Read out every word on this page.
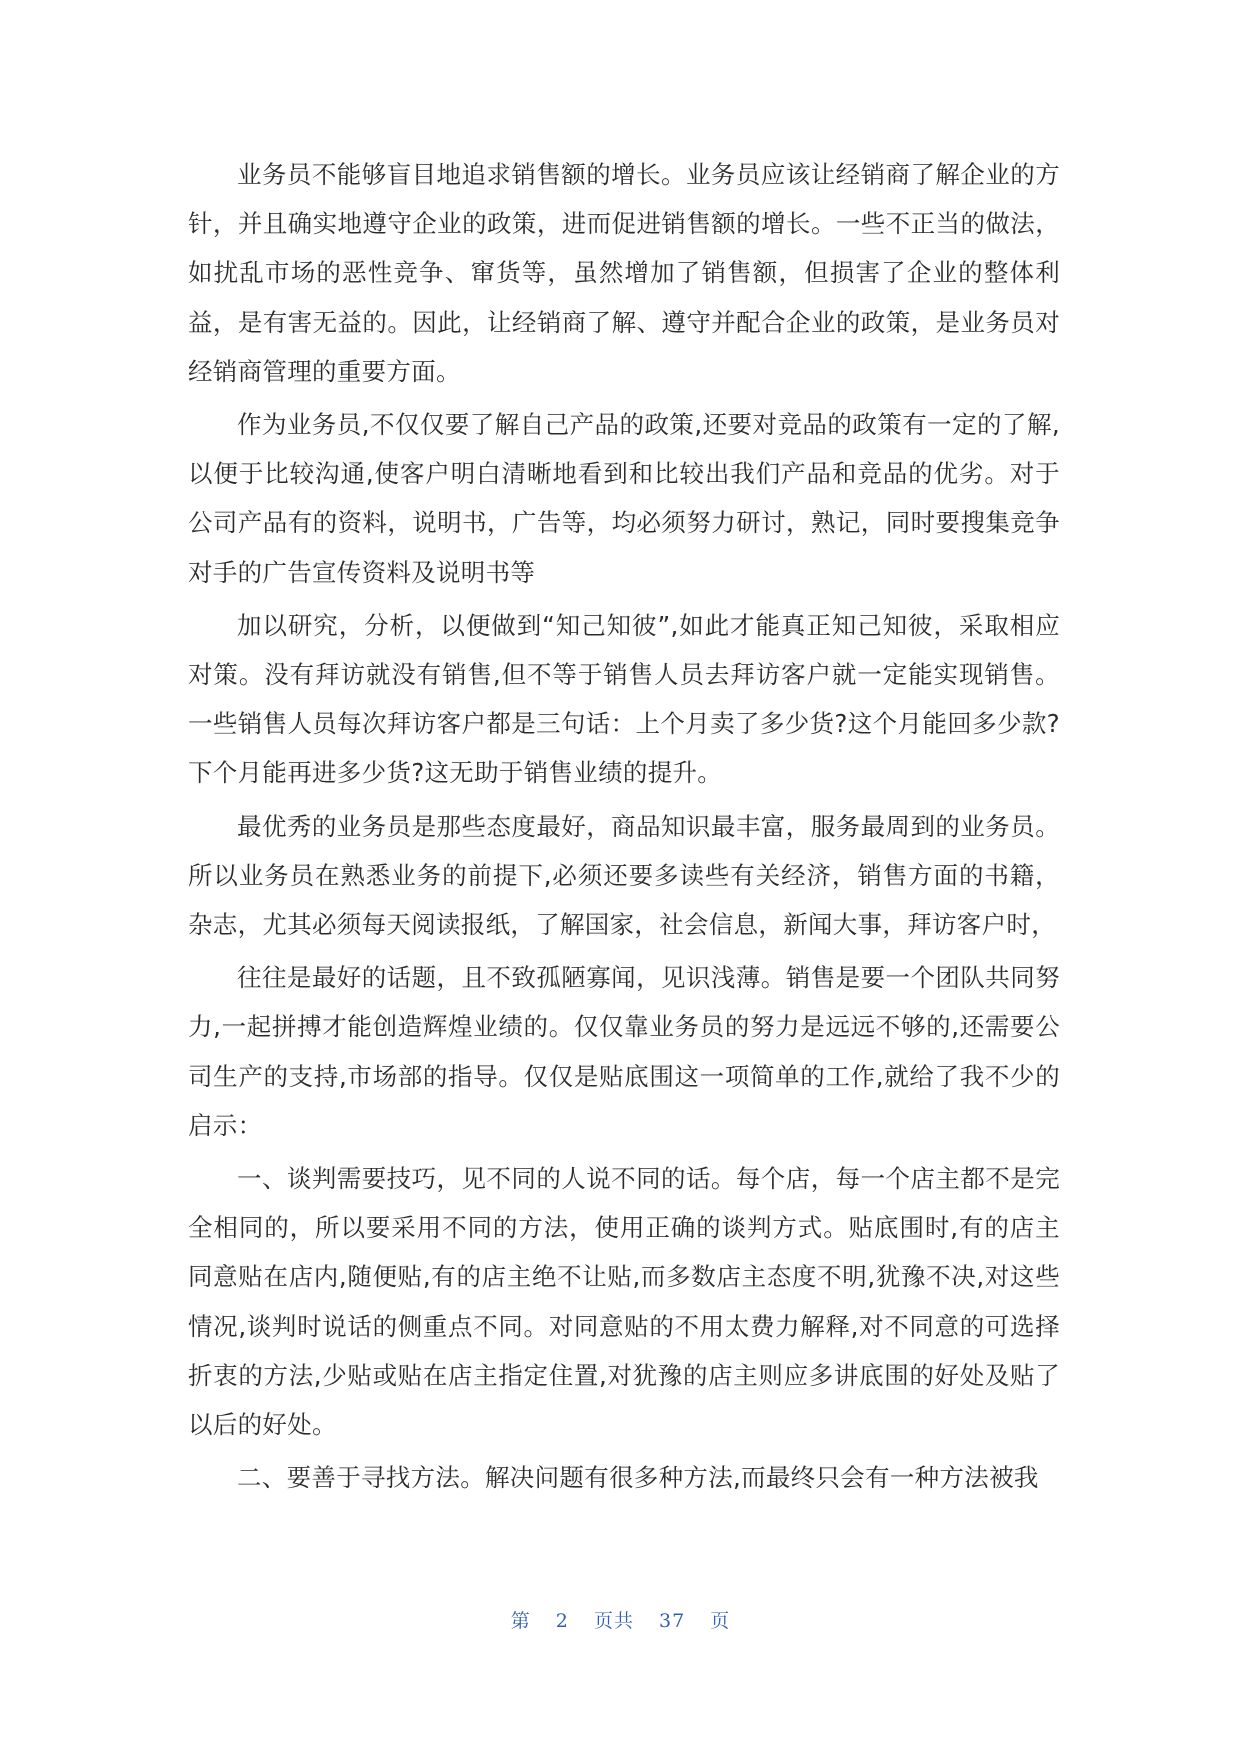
业务员不能够盲目地追求销售额的增长。业务员应该让经销商了解企业的方针，并且确实地遵守企业的政策，进而促进销售额的增长。一些不正当的做法，如扰乱市场的恶性竞争、窜货等，虽然增加了销售额，但损害了企业的整体利益，是有害无益的。因此，让经销商了解、遵守并配合企业的政策，是业务员对经销商管理的重要方面。

作为业务员,不仅仅要了解自己产品的政策,还要对竞品的政策有一定的了解,以便于比较沟通,使客户明白清晰地看到和比较出我们产品和竞品的优劣。对于公司产品有的资料，说明书，广告等，均必须努力研讨，熟记，同时要搜集竞争对手的广告宣传资料及说明书等

加以研究，分析，以便做到“知己知彼”,如此才能真正知己知彼，采取相应对策。没有拜访就没有销售,但不等于销售人员去拜访客户就一定能实现销售。一些销售人员每次拜访客户都是三句话：上个月卖了多少货?这个月能回多少款?下个月能再进多少货?这无助于销售业绩的提升。

最优秀的业务员是那些态度最好，商品知识最丰富，服务最周到的业务员。所以业务员在熟悉业务的前提下,必须还要多读些有关经济，销售方面的书籍，杂志，尤其必须每天阅读报纸，了解国家，社会信息，新闻大事，拜访客户时，

往往是最好的话题，且不致孤陋寡闻，见识浅薄。销售是要一个团队共同努力,一起拼搏才能创造辉煌业绩的。仅仅靠业务员的努力是远远不够的,还需要公司生产的支持,市场部的指导。仅仅是贴底围这一项简单的工作,就给了我不少的启示：

一、谈判需要技巧，见不同的人说不同的话。每个店，每一个店主都不是完全相同的，所以要采用不同的方法，使用正确的谈判方式。贴底围时,有的店主同意贴在店内,随便贴,有的店主绝不让贴,而多数店主态度不明,犹豫不决,对这些情况,谈判时说话的侧重点不同。对同意贴的不用太费力解释,对不同意的可选择折衷的方法,少贴或贴在店主指定住置,对犹豫的店主则应多讲底围的好处及贴了以后的好处。

二、要善于寻找方法。解决问题有很多种方法,而最终只会有一种方法被我

第 2 页共 37 页
